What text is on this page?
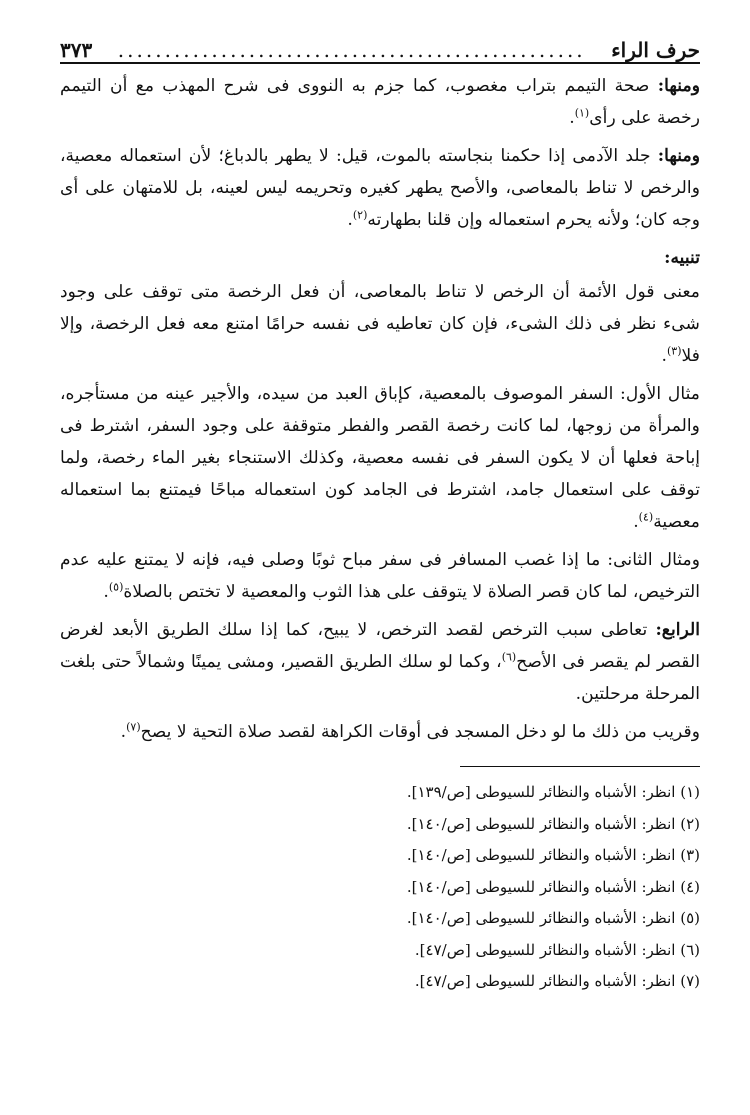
حرف الراء
..................................................
٣٧٣

ومنها: صحة التيمم بتراب مغصوب، كما جزم به النووى فى شرح المهذب مع أن التيمم رخصة على رأى$^{(١)}$.

ومنها: جلد الآدمى إذا حكمنا بنجاسته بالموت، قيل: لا يطهر بالدباغ؛ لأن استعماله معصية، والرخص لا تناط بالمعاصى، والأصح يطهر كغيره وتحريمه ليس لعينه، بل للامتهان على أى وجه كان؛ ولأنه يحرم استعماله وإن قلنا بطهارته$^{(٢)}$.

تنبيه:

معنى قول الأئمة أن الرخص لا تناط بالمعاصى، أن فعل الرخصة متى توقف على وجود شىء نظر فى ذلك الشىء، فإن كان تعاطيه فى نفسه حرامًا امتنع معه فعل الرخصة، وإلا فلا$^{(٣)}$.

مثال الأول: السفر الموصوف بالمعصية، كإباق العبد من سيده، والأجير عينه من مستأجره، والمرأة من زوجها، لما كانت رخصة القصر والفطر متوقفة على وجود السفر، اشترط فى إباحة فعلها أن لا يكون السفر فى نفسه معصية، وكذلك الاستنجاء بغير الماء رخصة، ولما توقف على استعمال جامد، اشترط فى الجامد كون استعماله مباحًا فيمتنع بما استعماله معصية$^{(٤)}$.

ومثال الثانى: ما إذا غصب المسافر فى سفر مباح ثوبًا وصلى فيه، فإنه لا يمتنع عليه عدم الترخيص، لما كان قصر الصلاة لا يتوقف على هذا الثوب والمعصية لا تختص بالصلاة$^{(٥)}$.

الرابع: تعاطى سبب الترخص لقصد الترخص، لا يبيح، كما إذا سلك الطريق الأبعد لغرض القصر لم يقصر فى الأصح$^{(٦)}$، وكما لو سلك الطريق القصير، ومشى يمينًا وشمالاً حتى بلغت المرحلة مرحلتين.

وقريب من ذلك ما لو دخل المسجد فى أوقات الكراهة لقصد صلاة التحية لا يصح$^{(٧)}$.

(١) انظر: الأشباه والنظائر للسيوطى [ص/١٣٩].
(٢) انظر: الأشباه والنظائر للسيوطى [ص/١٤٠].
(٣) انظر: الأشباه والنظائر للسيوطى [ص/١٤٠].
(٤) انظر: الأشباه والنظائر للسيوطى [ص/١٤٠].
(٥) انظر: الأشباه والنظائر للسيوطى [ص/١٤٠].
(٦) انظر: الأشباه والنظائر للسيوطى [ص/٤٧].
(٧) انظر: الأشباه والنظائر للسيوطى [ص/٤٧].
